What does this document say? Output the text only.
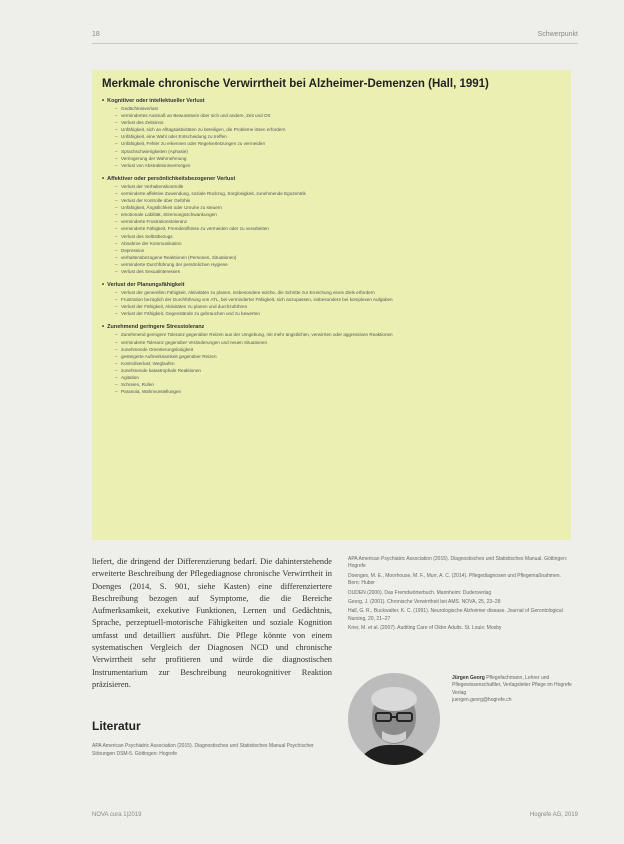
18	Schwerpunkt
Merkmale chronische Verwirrtheit bei Alzheimer-Demenzen (Hall, 1991)
• Kognitiver oder intellektueller Verlust
– Gedächtnisverlust
– vermindertes Ausmaß an Bewusstsein über sich und andere, Zeit und Ort
– Verlust des Zeitsinns
– Unfähigkeit, sich an Alltagsaktivitäten zu beteiligen, die Probleme lösen erfordern
– Unfähigkeit, eine Wahl oder Entscheidung zu treffen
– Unfähigkeit, Fehler zu erkennen oder Regelverletzungen zu vermeiden
– Sprachschwierigkeiten (Aphasie)
– Verringerung der Wahrnehmung
– Verlust von Abstraktionsvermögen
• Affektiver oder persönlichkeitsbezogener Verlust
– Verlust der Verhaltenskontrolle
– verminderte affektive Zuwendung, soziale Rückzug, Sorglosigkeit, zunehmende Egozentrik
– Verlust der Kontrolle über Gefühle
– Unfähigkeit, Ängstlichkeit oder Unruhe zu steuern
– emotionale Labilität, Stimmungsschwankungen
– verminderte Frustrationstoleranz
– verminderte Fähigkeit, Fremdeinflüsse zu vermeiden oder zu verarbeiten
– Verlust des Selbstbezugs
– Abnahme der Kommunikation
– Depression
– verhaltensbezogene Reaktionen (Personen, Situationen)
– verminderte Durchführung der persönlichen Hygiene
– Verlust des Sexualinteresses
• Verlust der Planungsfähigkeit
– Verlust der generellen Fähigkeit, Aktivitäten zu planen, insbesondere solche, die Schritte zur Erreichung eines Ziels erfordern
– Frustration bezüglich der Durchführung von ATL, bei verminderter Fähigkeit, sich anzupassen, insbesondere bei komplexen Aufgaben
– Verlust der Fähigkeit, Aktivitäten zu planen und durchzuführen
– Verlust der Fähigkeit, Gegenstände zu gebrauchen und zu bewerten
• Zunehmend geringere Stresstoleranz
– Zunehmend geringere Toleranz gegenüber Reizen aus der Umgebung, mit mehr ängstlichen, verwirrten oder aggressiven Reaktionen
– verminderte Toleranz gegenüber Veränderungen und neuen Situationen
– zunehmende Orientierungslosigkeit
– gesteigerte Aufmerksamkeit gegenüber Reizen
– Kontrollverlust, Weglaufen
– zunehmende katastrophale Reaktionen
– Agitation
– Schreien, Rufen
– Paranoia, Wahnvorstellungen

liefert, die dringend der Differenzierung bedarf. Die dahinterstehende erweiterte Beschreibung der Pflegediagnose chronische Verwirrtheit in Doenges (2014, S. 901, siehe Kasten) eine differenziertere Beschreibung bezogen auf Symptome, die die Bereiche Aufmerksamkeit, exekutive Funktionen, Lernen und Gedächtnis, Sprache, perzeptuell-motorische Fähigkeiten und soziale Kognition umfasst und detailliert ausführt. Die Pflege könnte von einem systematischen Vergleich der Diagnosen NCD und chronische Verwirrtheit sehr profitieren und würde die diagnostischen Instrumentarium zur Beschreibung neurokognitiver Reaktion präzisieren.

Literatur
APA American Psychiatric Association (2015). Diagnostisches und Statistisches Manual Psychischer Störungen DSM-5. Göttingen: Hogrefe
APA American Psychiatric Association (2015). Diagnostisches und Statistisches Manual. Göttingen: Hogrefe
Doenges, M. E., Moorhouse, M. F., Murr, A. C. (2014). Pflegediagnosen und Pflegemaßnahmen. Bern: Huber
DUDEN (2000). Das Fremdwörterbuch. Mannheim: Dudenverlag
Georg, J. (2001). Chronische Verwirrtheit bei AMS. NOVA, 25, 23–28
Hall, G. R., Buckwalter, K. C. (1991). Neurologische Alzheimer disease. Journal of Gerontological Nursing, 20, 21–27
Krier, M. et al. (2007). Auditing Care of Older Adults. St. Louis: Mosby
Jürgen Georg Pflegefachmann, Lehrer und Pflegewissenschaftler, Verlagsleiter Pflege im Hogrefe Verlag
juergen.georg@hogrefe.ch
NOVA cura 1|2019	Hogrefe AG, 2019
